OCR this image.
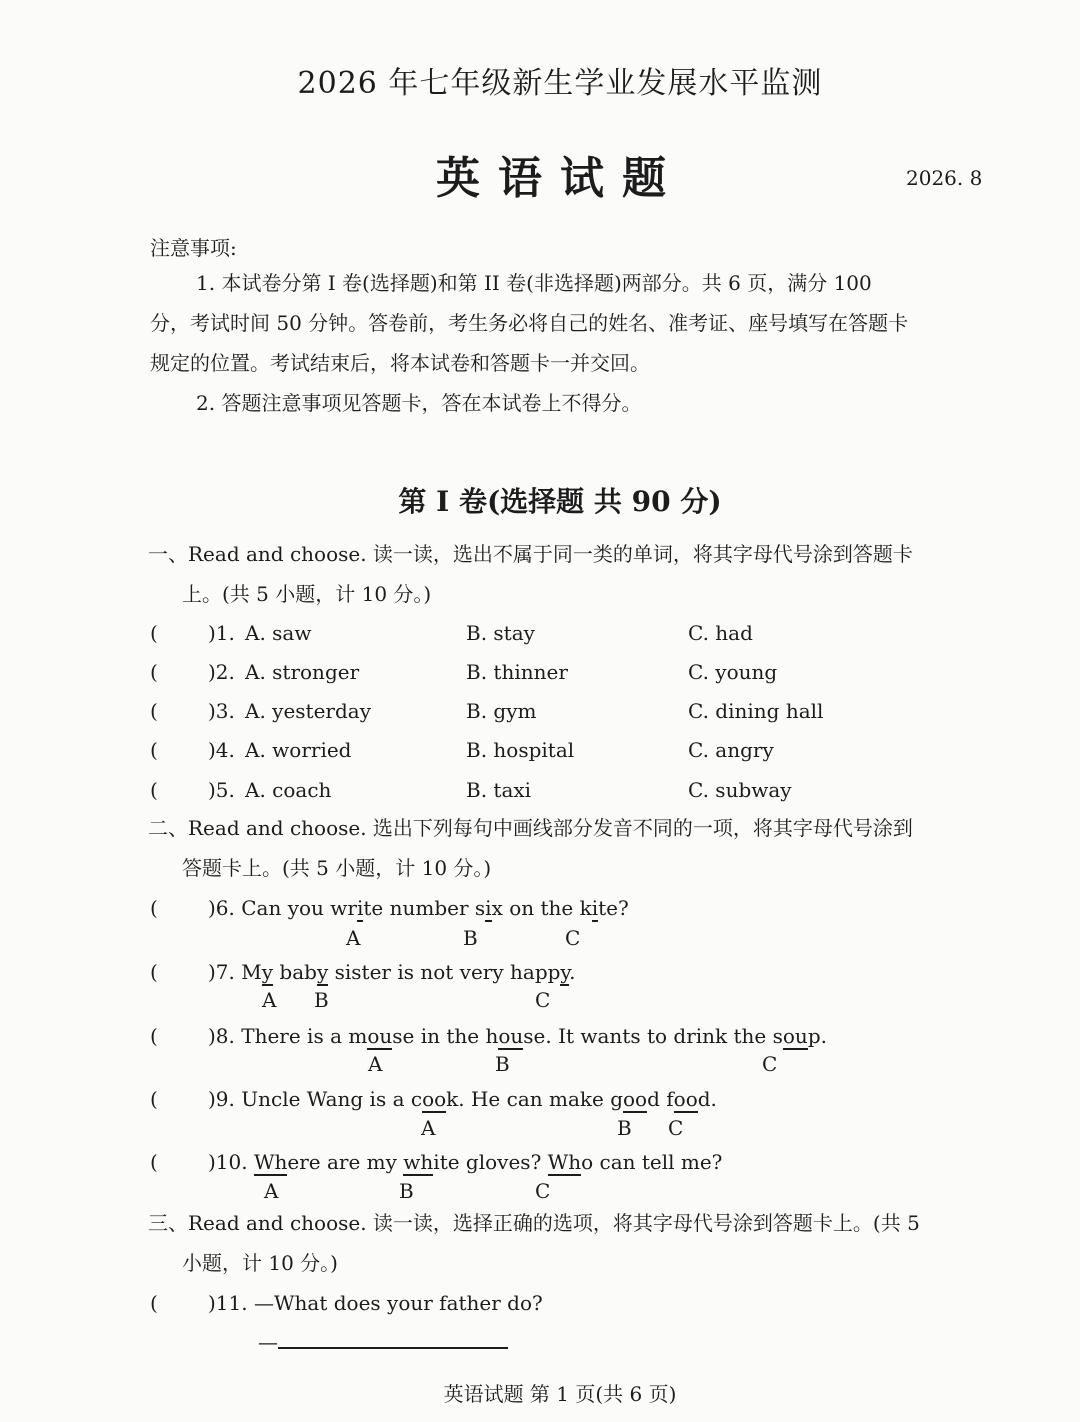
2026 年七年级新生学业发展水平监测
英语试题	2026. 8
注意事项:
1. 本试卷分第 I 卷(选择题)和第 II 卷(非选择题)两部分。共 6 页，满分 100
分，考试时间 50 分钟。答卷前，考生务必将自己的姓名、准考证、座号填写在答题卡
规定的位置。考试结束后，将本试卷和答题卡一并交回。
2. 答题注意事项见答题卡，答在本试卷上不得分。
第 I 卷(选择题 共 90 分)
一、Read and choose. 读一读，选出不属于同一类的单词，将其字母代号涂到答题卡
上。(共 5 小题，计 10 分。)
(	)1. A. saw	B. stay	C. had
(	)2. A. stronger	B. thinner	C. young
(	)3. A. yesterday	B. gym	C. dining hall
(	)4. A. worried	B. hospital	C. angry
(	)5. A. coach	B. taxi	C. subway
二、Read and choose. 选出下列每句中画线部分发音不同的一项，将其字母代号涂到
答题卡上。(共 5 小题，计 10 分。)
(	)6. Can you write number six on the kite?
A	B	C
(	)7. My baby sister is not very happy.
A B	C
(	)8. There is a mouse in the house. It wants to drink the soup.
A	B	C
(	)9. Uncle Wang is a cook. He can make good food.
A	B C
(	)10. Where are my white gloves? Who can tell me?
A	B	C
三、Read and choose. 读一读，选择正确的选项，将其字母代号涂到答题卡上。(共 5
小题，计 10 分。)
(	)11. —What does your father do?
—
英语试题 第 1 页(共 6 页)
